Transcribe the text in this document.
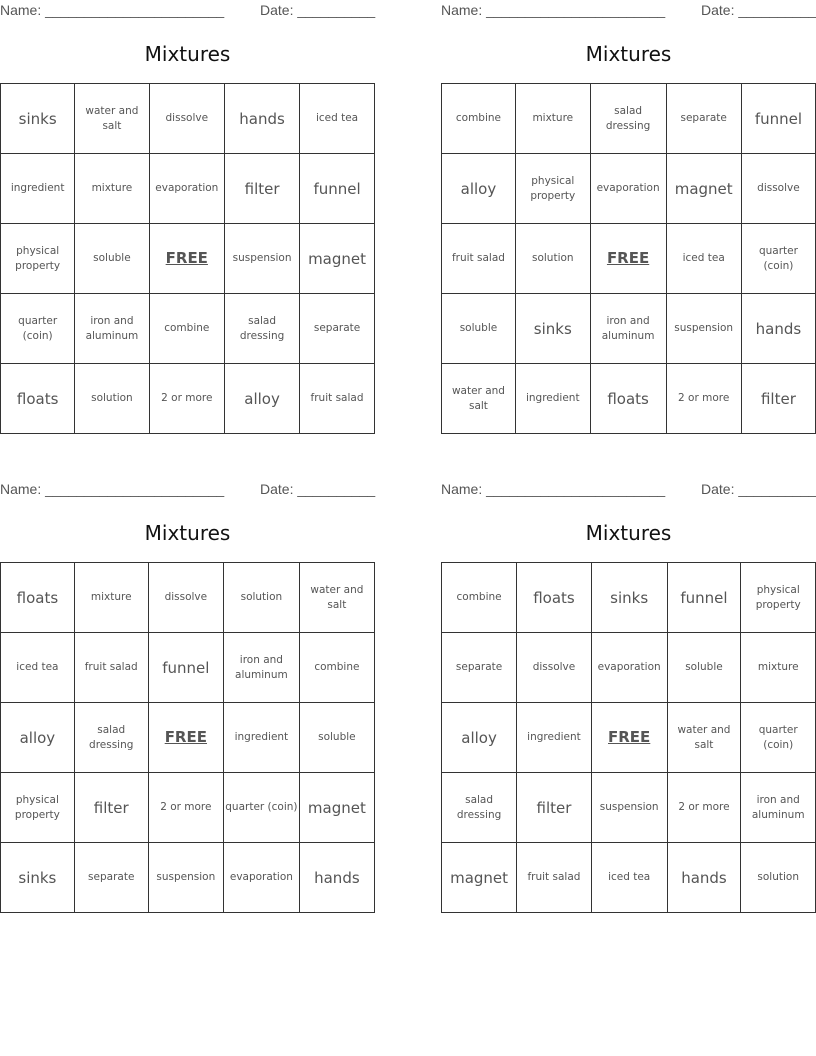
Name: _______________________	Date: __________
Mixtures
sinks	water and salt	dissolve	hands	iced tea
ingredient	mixture	evaporation	filter	funnel
physical property	soluble	FREE	suspension	magnet
quarter (coin)	iron and aluminum	combine	salad dressing	separate
floats	solution	2 or more	alloy	fruit salad
Name: _______________________	Date: __________
Mixtures
combine	mixture	salad dressing	separate	funnel
alloy	physical property	evaporation	magnet	dissolve
fruit salad	solution	FREE	iced tea	quarter (coin)
soluble	sinks	iron and aluminum	suspension	hands
water and salt	ingredient	floats	2 or more	filter
Name: _______________________	Date: __________
Mixtures
floats	mixture	dissolve	solution	water and salt
iced tea	fruit salad	funnel	iron and aluminum	combine
alloy	salad dressing	FREE	ingredient	soluble
physical property	filter	2 or more	quarter (coin)	magnet
sinks	separate	suspension	evaporation	hands
Name: _______________________	Date: __________
Mixtures
combine	floats	sinks	funnel	physical property
separate	dissolve	evaporation	soluble	mixture
alloy	ingredient	FREE	water and salt	quarter (coin)
salad dressing	filter	suspension	2 or more	iron and aluminum
magnet	fruit salad	iced tea	hands	solution
